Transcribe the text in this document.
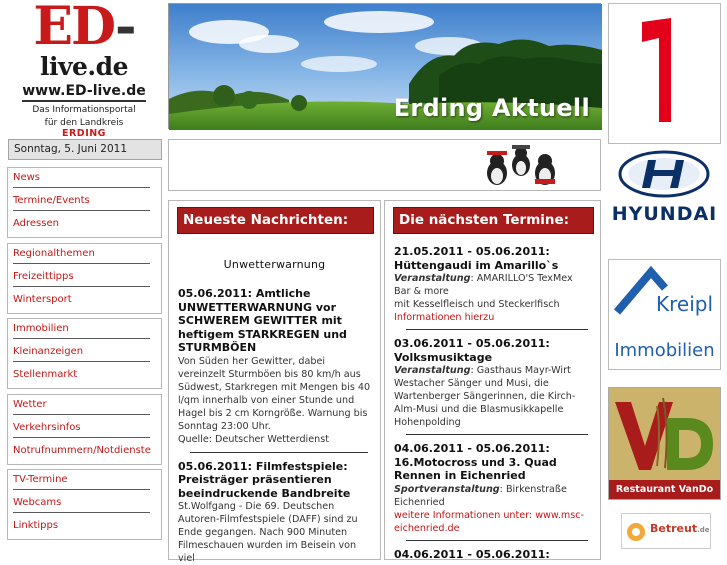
ED-
live.de
www.ED-live.de
Das Informationsportal
für den Landkreis
ERDING
Sonntag, 5. Juni 2011
News
Termine/Events
Adressen
Regionalthemen
Freizeittipps
Wintersport
Immobilien
Kleinanzeigen
Stellenmarkt
Wetter
Verkehrsinfos
Notrufnummern/Notdienste
TV-Termine
Webcams
Linktipps
Erding Aktuell
Neueste Nachrichten:
Unwetterwarnung
05.06.2011: Amtliche UNWETTERWARNUNG vor SCHWEREM GEWITTER mit heftigem STARKREGEN und STURMBÖEN
Von Süden her Gewitter, dabei vereinzelt Sturmböen bis 80 km/h aus Südwest, Starkregen mit Mengen bis 40 l/qm innerhalb von einer Stunde und Hagel bis 2 cm Korngröße. Warnung bis Sonntag 23:00 Uhr.
Quelle: Deutscher Wetterdienst
05.06.2011: Filmfestspiele: Preisträger präsentieren beeindruckende Bandbreite
St.Wolfgang - Die 69. Deutschen Autoren-Filmfestspiele (DAFF) sind zu Ende gegangen. Nach 900 Minuten Filmeschauen wurden im Beisein von viel
Die nächsten Termine:
21.05.2011 - 05.06.2011: Hüttengaudi im Amarillo`s
Veranstaltung: AMARILLO'S TexMex Bar & more
mit Kesselfleisch und Steckerlfisch
Informationen hierzu
03.06.2011 - 05.06.2011: Volksmusiktage
Veranstaltung: Gasthaus Mayr-Wirt
Westacher Sänger und Musi, die Wartenberger Sängerinnen, die Kirch-Alm-Musi und die Blasmusikkapelle Hohenpolding
04.06.2011 - 05.06.2011: 16.Motocross und 3. Quad Rennen in Eichenried
Sportveranstaltung: Birkenstraße Eichenried
weitere Informationen unter: www.msc-eichenried.de
04.06.2011 - 05.06.2011:
1
HYUNDAI
Kreipl
Immobilien
Restaurant VanDo
Betreut.de
